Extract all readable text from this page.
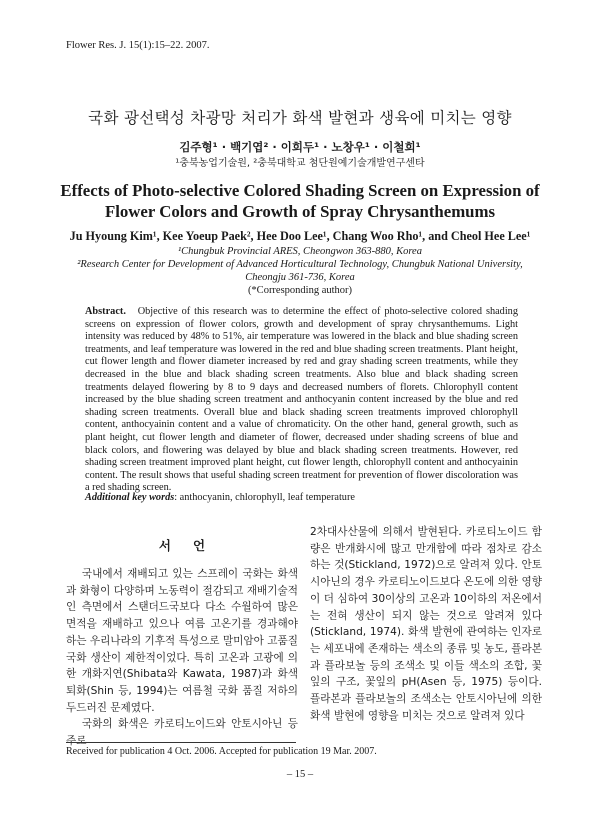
Flower Res. J. 15(1):15–22. 2007.
국화 광선택성 차광망 처리가 화색 발현과 생육에 미치는 영향
김주형¹ · 백기엽² · 이희두¹ · 노창우¹ · 이철희¹
¹충북농업기술원, ²충북대학교 첨단원예기술개발연구센타
Effects of Photo-selective Colored Shading Screen on Expression of
Flower Colors and Growth of Spray Chrysanthemums
Ju Hyoung Kim¹, Kee Yoeup Paek², Hee Doo Lee¹, Chang Woo Rho¹, and Cheol Hee Lee¹
¹Chungbuk Provincial ARES, Cheongwon 363-880, Korea
²Research Center for Development of Advanced Horticultural Technology, Chungbuk National University,
Cheongju 361-736, Korea
(*Corresponding author)
Abstract. Objective of this research was to determine the effect of photo-selective colored shading screens on expression of flower colors, growth and development of spray chrysanthemums. Light intensity was reduced by 48% to 51%, air temperature was lowered in the black and blue shading screen treatments, and leaf temperature was lowered in the red and blue shading screen treatments. Plant height, cut flower length and flower diameter increased by red and gray shading screen treatments, while they decreased in the blue and black shading screen treatments. Also blue and black shading screen treatments delayed flowering by 8 to 9 days and decreased numbers of florets. Chlorophyll content increased by the blue shading screen treatment and anthocyanin content increased by the blue and red shading screen treatments. Overall blue and black shading screen treatments improved chlorophyll content, anthocyainin content and a value of chromaticity. On the other hand, general growth, such as plant height, cut flower length and diameter of flower, decreased under shading screens of blue and black colors, and flowering was delayed by blue and black shading screen treatments. However, red shading screen treatment improved plant height, cut flower length, chlorophyll content and anthocyainin content. The result shows that useful shading screen treatment for prevention of flower discoloration was a red shading screen.
Additional key words: anthocyanin, chlorophyll, leaf temperature
서언

국내에서 재배되고 있는 스프레이 국화는 화색과 화형이 다양하며 노동력이 절감되고 재배기술적인 측면에서 스탠더드국보다 다소 수월하여 많은 면적을 재배하고 있으나 여름 고온기를 경과해야 하는 우리나라의 기후적 특성으로 말미암아 고품질 국화 생산이 제한적이었다. 특히 고온과 고광에 의한 개화지연(Shibata와 Kawata, 1987)과 화색 퇴화(Shin 등, 1994)는 여름철 국화 품질 저하의 두드러진 문제였다.

국화의 화색은 카로티노이드와 안토시아닌 등 주로

2차대사산물에 의해서 발현된다. 카로티노이드 함량은 반개화시에 많고 만개함에 따라 점차로 감소하는 것(Stickland, 1972)으로 알려져 있다. 안토시아닌의 경우 카로티노이드보다 온도에 의한 영향이 더 심하여 30이상의 고온과 10이하의 저온에서는 전혀 생산이 되지 않는 것으로 알려져 있다(Stickland, 1974). 화색 발현에 관여하는 인자로는 세포내에 존재하는 색소의 종류 및 농도, 플라본과 플라보놀 등의 조색소 및 이들 색소의 조합, 꽃잎의 구조, 꽃잎의 pH(Asen 등, 1975) 등이다. 플라본과 플라보놀의 조색소는 안토시아닌에 의한 화색 발현에 영향을 미치는 것으로 알려져 있다

Received for publication 4 Oct. 2006. Accepted for publication 19 Mar. 2007.
– 15 –
